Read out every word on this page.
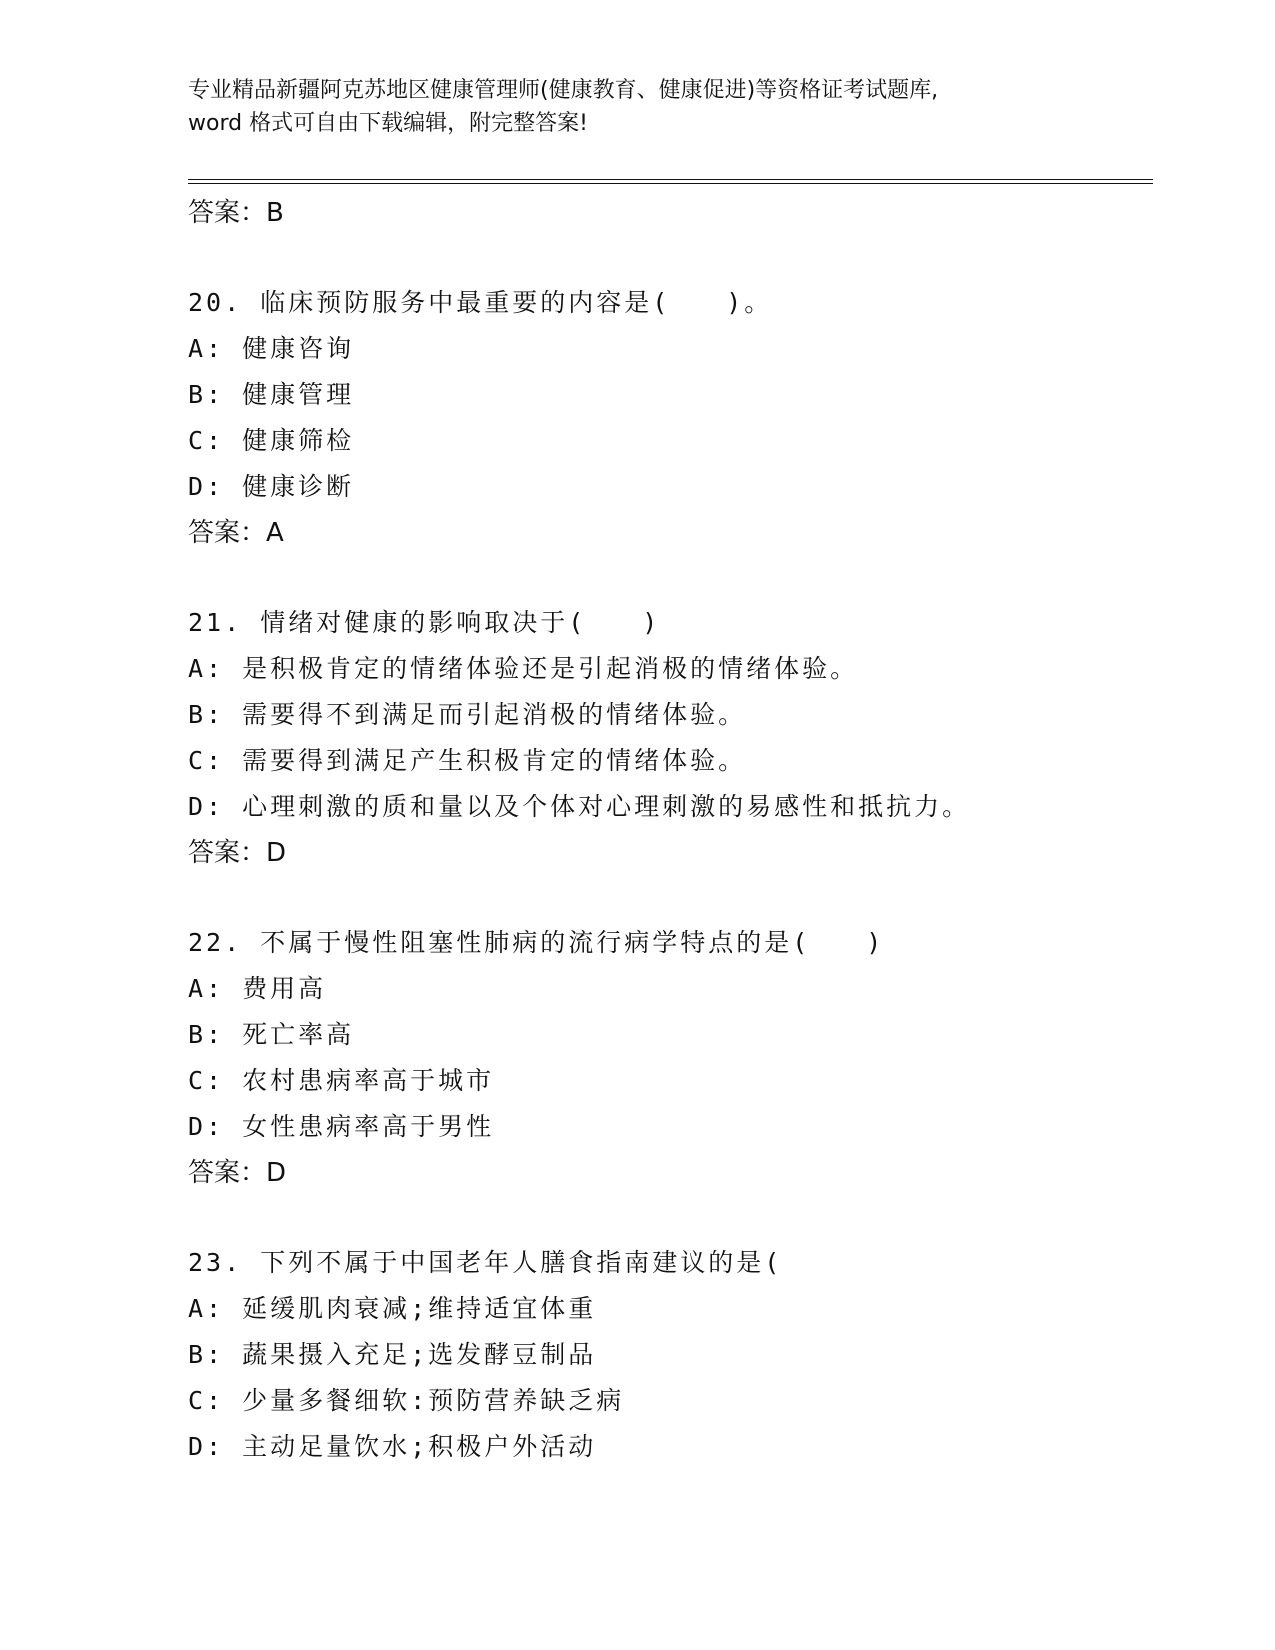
专业精品新疆阿克苏地区健康管理师(健康教育、健康促进)等资格证考试题库,
word 格式可自由下载编辑，附完整答案!
答案：B
20. 临床预防服务中最重要的内容是(　　)。
A: 健康咨询
B: 健康管理
C: 健康筛检
D: 健康诊断
答案：A
21. 情绪对健康的影响取决于(　　)
A: 是积极肯定的情绪体验还是引起消极的情绪体验。
B: 需要得不到满足而引起消极的情绪体验。
C: 需要得到满足产生积极肯定的情绪体验。
D: 心理刺激的质和量以及个体对心理刺激的易感性和抵抗力。
答案：D
22. 不属于慢性阻塞性肺病的流行病学特点的是(　　)
A: 费用高
B: 死亡率高
C: 农村患病率高于城市
D: 女性患病率高于男性
答案：D
23. 下列不属于中国老年人膳食指南建议的是(
A: 延缓肌肉衰减;维持适宜体重
B: 蔬果摄入充足;选发酵豆制品
C: 少量多餐细软:预防营养缺乏病
D: 主动足量饮水;积极户外活动
